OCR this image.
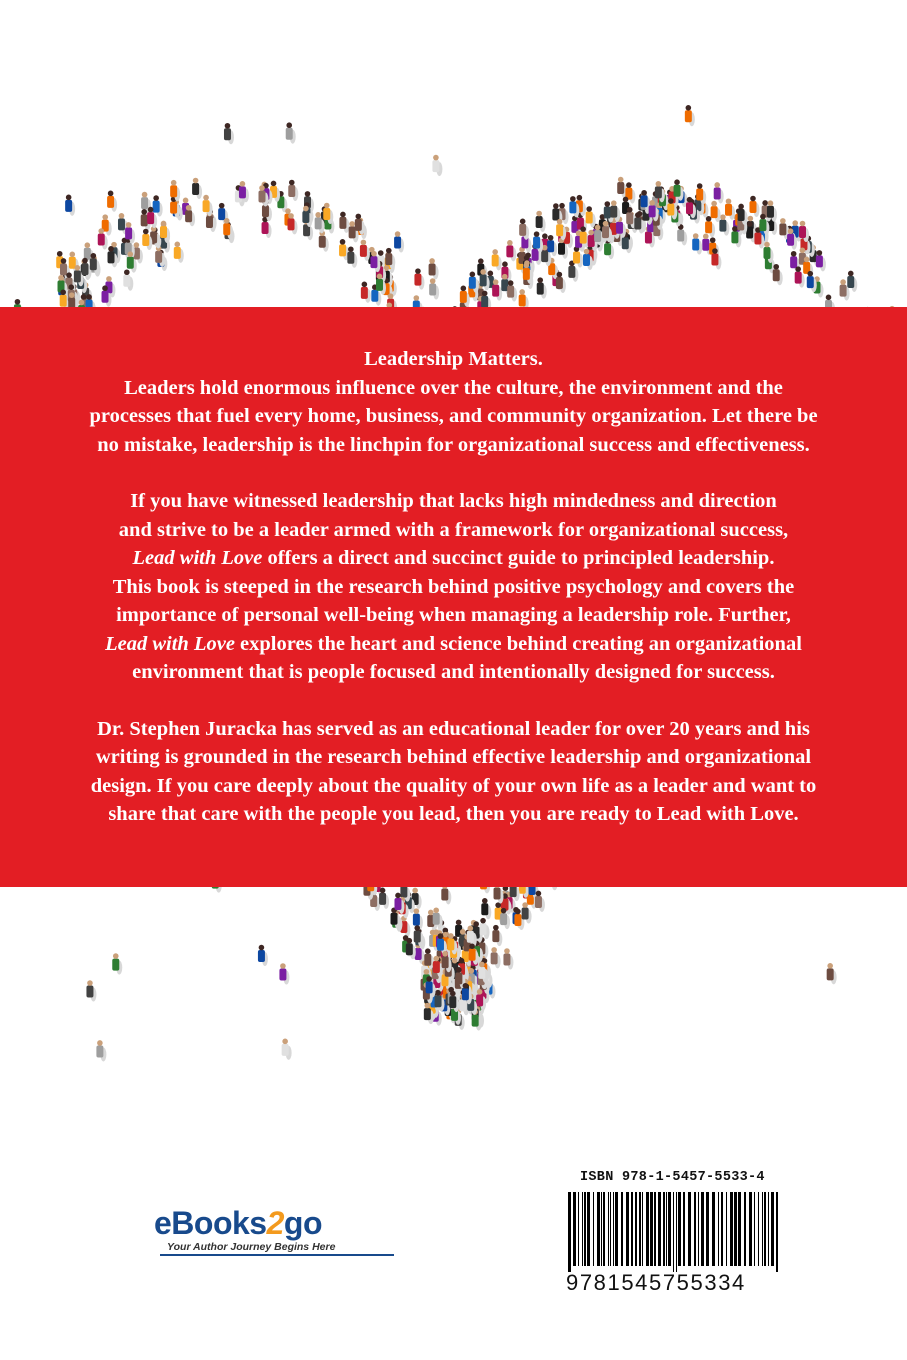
Leadership Matters.

Leaders hold enormous influence over the culture, the environment and the

processes that fuel every home, business, and community organization. Let there be

no mistake, leadership is the linchpin for organizational success and effectiveness.

If you have witnessed leadership that lacks high mindedness and direction

and strive to be a leader armed with a framework for organizational success,

Lead with Love offers a direct and succinct guide to principled leadership.

This book is steeped in the research behind positive psychology and covers the

importance of personal well-being when managing a leadership role. Further,

Lead with Love explores the heart and science behind creating an organizational

environment that is people focused and intentionally designed for success.

Dr. Stephen Juracka has served as an educational leader for over 20 years and his

writing is grounded in the research behind effective leadership and organizational

design. If you care deeply about the quality of your own life as a leader and want to

share that care with the people you lead, then you are ready to Lead with Love.

eBooks2go
Your Author Journey Begins Here
ISBN 978-1-5457-5533-4
9781545755334
